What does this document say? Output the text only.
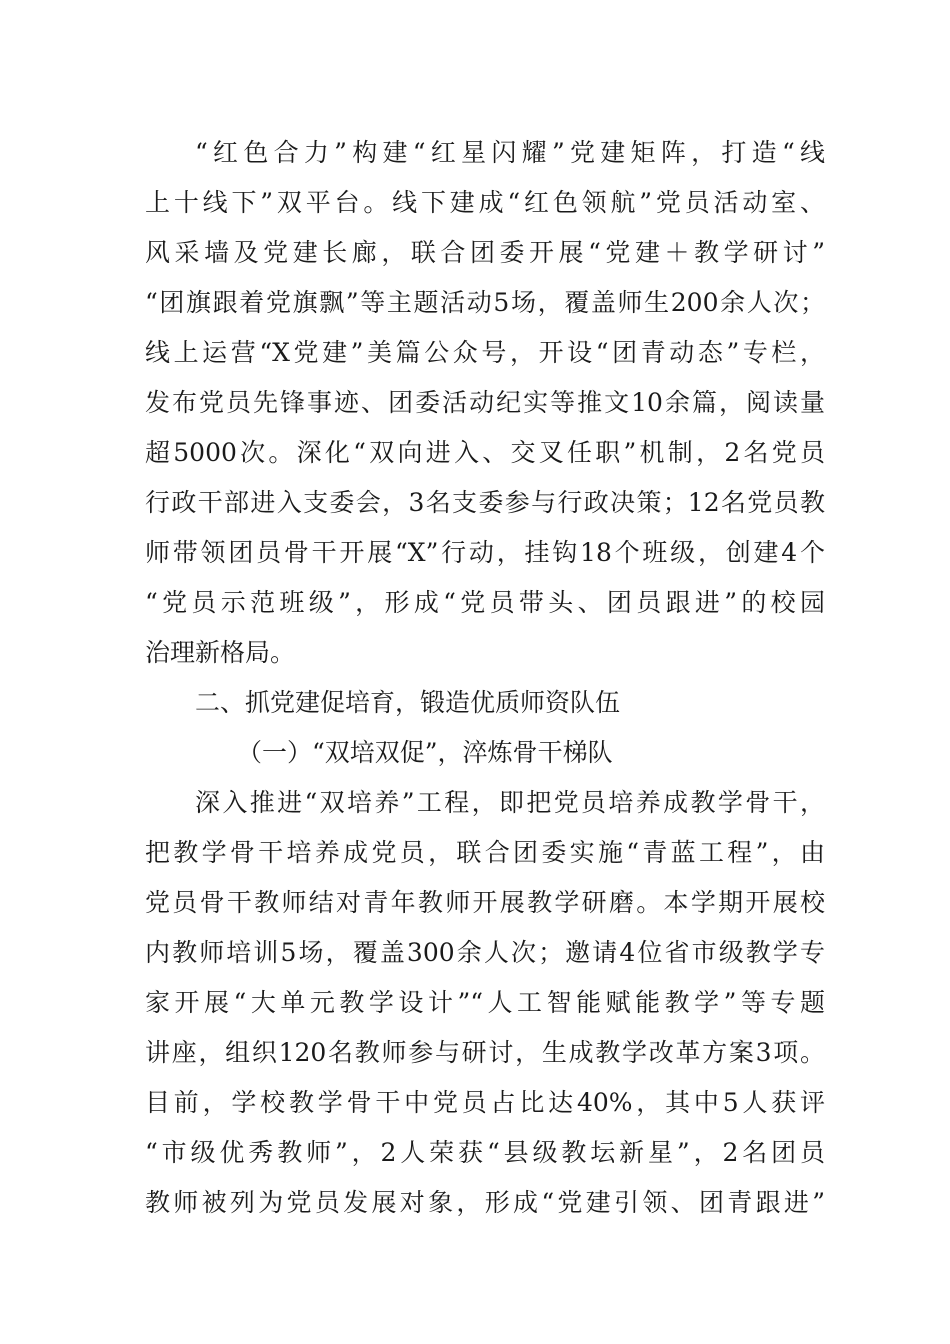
“红色合力”构建“红星闪耀”党建矩阵，打造“线
上十线下”双平台。线下建成“红色领航”党员活动室、
风采墙及党建长廊，联合团委开展“党建＋教学研讨”
“团旗跟着党旗飘”等主题活动5场，覆盖师生200余人次；
线上运营“X党建”美篇公众号，开设“团青动态”专栏，
发布党员先锋事迹、团委活动纪实等推文10余篇，阅读量
超5000次。深化“双向进入、交叉任职”机制，2名党员
行政干部进入支委会，3名支委参与行政决策；12名党员教
师带领团员骨干开展“X”行动，挂钩18个班级，创建4个
“党员示范班级”，形成“党员带头、团员跟进”的校园
治理新格局。
二、抓党建促培育，锻造优质师资队伍
（一）“双培双促”，淬炼骨干梯队
深入推进“双培养”工程，即把党员培养成教学骨干，
把教学骨干培养成党员，联合团委实施“青蓝工程”，由
党员骨干教师结对青年教师开展教学研磨。本学期开展校
内教师培训5场，覆盖300余人次；邀请4位省市级教学专
家开展“大单元教学设计”“人工智能赋能教学”等专题
讲座，组织120名教师参与研讨，生成教学改革方案3项。
目前，学校教学骨干中党员占比达40%，其中5人获评
“市级优秀教师”，2人荣获“县级教坛新星”，2名团员
教师被列为党员发展对象，形成“党建引领、团青跟进”
